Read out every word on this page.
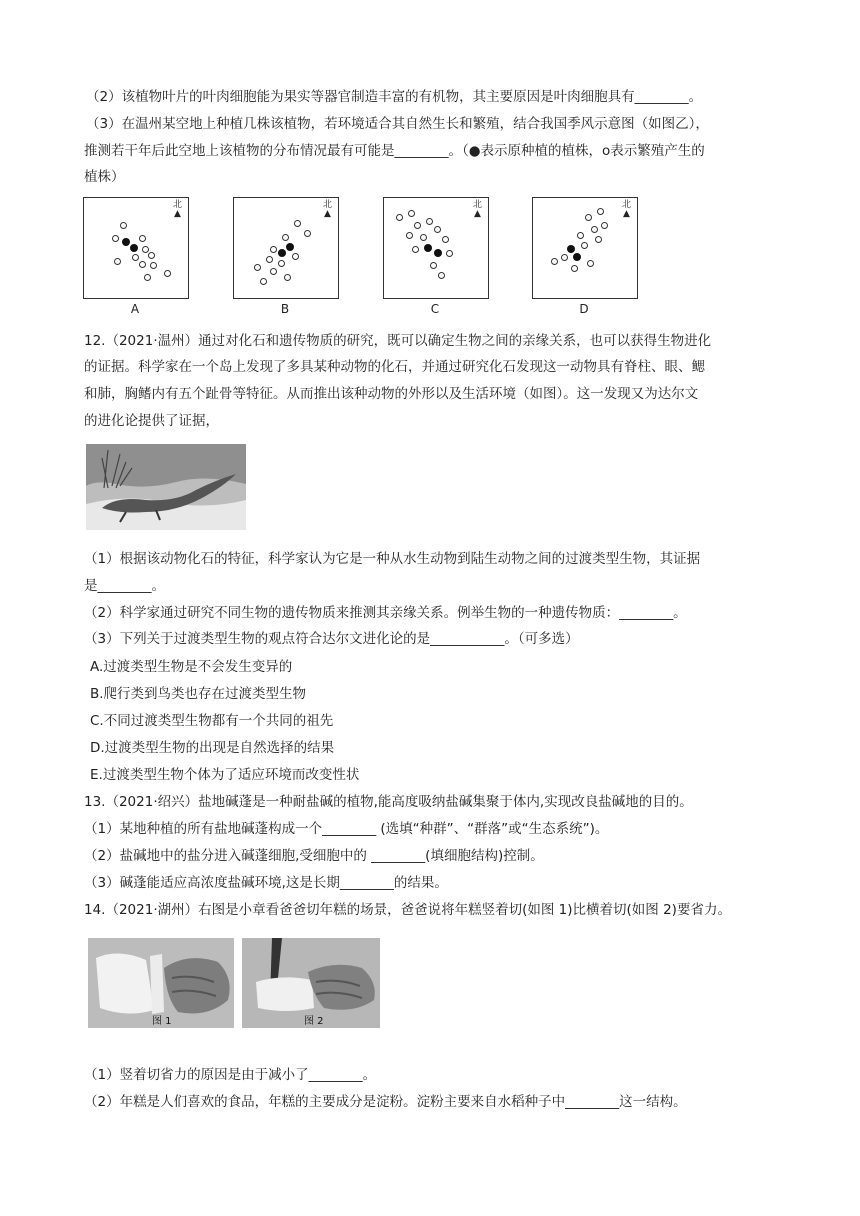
（2）该植物叶片的叶肉细胞能为果实等器官制造丰富的有机物，其主要原因是叶肉细胞具有________。
（3）在温州某空地上种植几株该植物，若环境适合其自然生长和繁殖，结合我国季风示意图（如图乙），
推测若干年后此空地上该植物的分布情况最有可能是________。（●表示原种植的植株，o表示繁殖产生的
植株）
北
▲
A
北
▲
B
北
▲
C
北
▲
D
12.（2021·温州）通过对化石和遗传物质的研究，既可以确定生物之间的亲缘关系，也可以获得生物进化
的证据。科学家在一个岛上发现了多具某种动物的化石，并通过研究化石发现这一动物具有脊柱、眼、鳃
和肺，胸鳍内有五个趾骨等特征。从而推出该种动物的外形以及生活环境（如图）。这一发现又为达尔文
的进化论提供了证据，
（1）根据该动物化石的特征，科学家认为它是一种从水生动物到陆生动物之间的过渡类型生物，其证据
是________。
（2）科学家通过研究不同生物的遗传物质来推测其亲缘关系。例举生物的一种遗传物质：________。
（3）下列关于过渡类型生物的观点符合达尔文进化论的是___________。（可多选）
A.过渡类型生物是不会发生变异的
B.爬行类到鸟类也存在过渡类型生物
C.不同过渡类型生物都有一个共同的祖先
D.过渡类型生物的出现是自然选择的结果
E.过渡类型生物个体为了适应环境而改变性状
13.（2021·绍兴）盐地碱蓬是一种耐盐碱的植物,能高度吸纳盐碱集聚于体内,实现改良盐碱地的目的。
（1）某地种植的所有盐地碱蓬构成一个________ (选填“种群”、“群落”或“生态系统”)。
（2）盐碱地中的盐分进入碱蓬细胞,受细胞中的 ________(填细胞结构)控制。
（3）碱蓬能适应高浓度盐碱环境,这是长期________的结果。
14.（2021·湖州）右图是小章看爸爸切年糕的场景，爸爸说将年糕竖着切(如图 1)比横着切(如图 2)要省力。
图 1	图 2
（1）竖着切省力的原因是由于减小了________。
（2）年糕是人们喜欢的食品，年糕的主要成分是淀粉。淀粉主要来自水稻种子中________这一结构。
